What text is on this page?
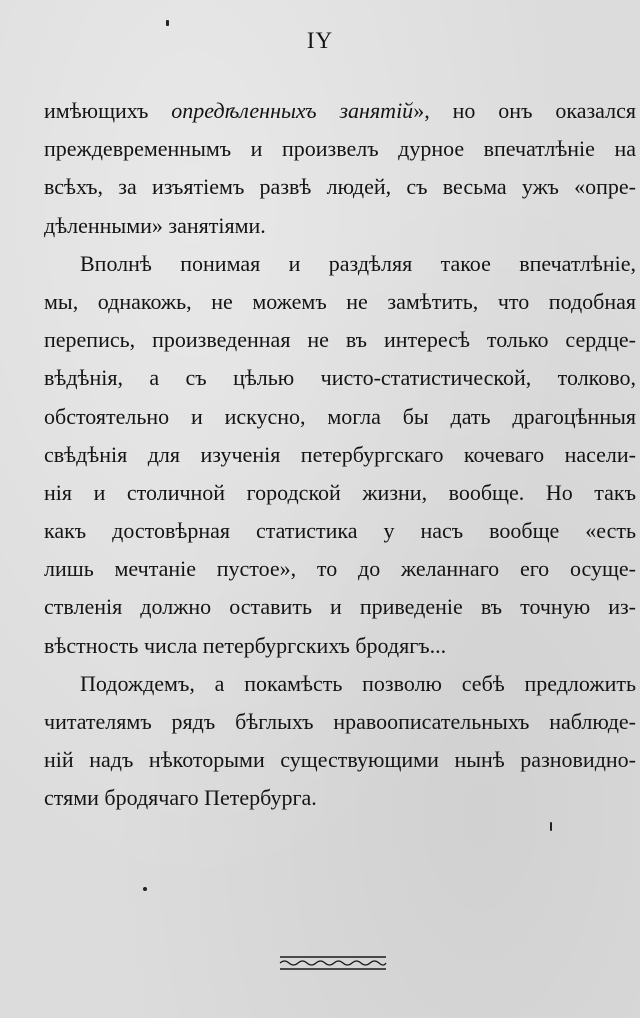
IY
имѣющихъ опредѣленныхъ занятій», но онъ оказался
преждевременнымъ и произвелъ дурное впечатлѣніе на
всѣхъ, за изъятіемъ развѣ людей, съ весьма ужъ «опре-
дѣленными» занятіями.
Вполнѣ понимая и раздѣляя такое впечатлѣніе,
мы, однакожь, не можемъ не замѣтить, что подобная
перепись, произведенная не въ интересѣ только сердце-
вѣдѣнія, а съ цѣлью чисто-статистической, толково,
обстоятельно и искусно, могла бы дать драгоцѣнныя
свѣдѣнія для изученія петербургскаго кочеваго насели-
нія и столичной городской жизни, вообще. Но такъ
какъ достовѣрная статистика у насъ вообще «есть
лишь мечтаніе пустое», то до желаннаго его осуще-
ствленія должно оставить и приведеніе въ точную из-
вѣстность числа петербургскихъ бродягъ...
Подождемъ, а покамѣсть позволю себѣ предложить
читателямъ рядъ бѣглыхъ нравоописательныхъ наблюде-
ній надъ нѣкоторыми существующими нынѣ разновидно-
стями бродячаго Петербурга.
